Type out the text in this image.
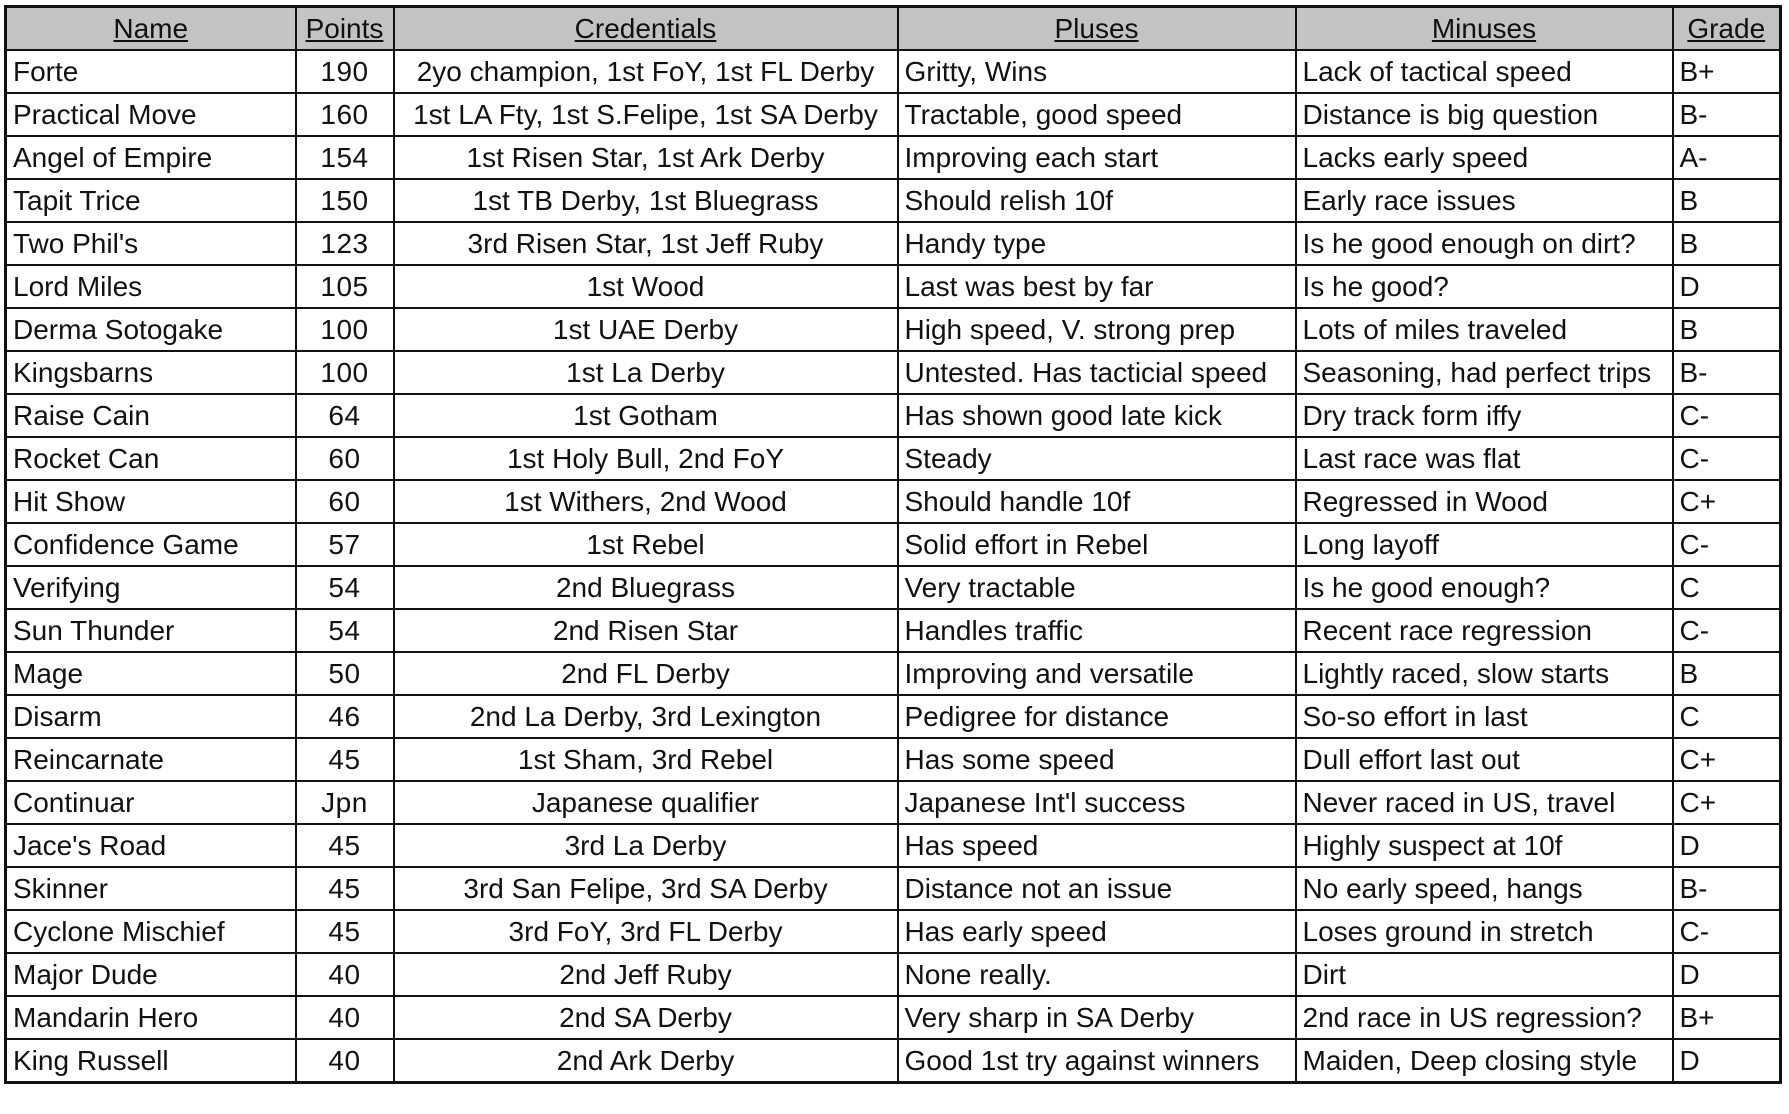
Name	Points	Credentials	Pluses	Minuses	Grade
Forte	190	2yo champion, 1st FoY, 1st FL Derby	Gritty, Wins	Lack of tactical speed	B+
Practical Move	160	1st LA Fty, 1st S.Felipe, 1st SA Derby	Tractable, good speed	Distance is big question	B-
Angel of Empire	154	1st Risen Star, 1st Ark Derby	Improving each start	Lacks early speed	A-
Tapit Trice	150	1st TB Derby, 1st Bluegrass	Should relish 10f	Early race issues	B
Two Phil's	123	3rd Risen Star, 1st Jeff Ruby	Handy type	Is he good enough on dirt?	B
Lord Miles	105	1st Wood	Last was best by far	Is he good?	D
Derma Sotogake	100	1st UAE Derby	High speed, V. strong prep	Lots of miles traveled	B
Kingsbarns	100	1st La Derby	Untested. Has tacticial speed	Seasoning, had perfect trips	B-
Raise Cain	64	1st Gotham	Has shown good late kick	Dry track form iffy	C-
Rocket Can	60	1st Holy Bull, 2nd FoY	Steady	Last race was flat	C-
Hit Show	60	1st Withers, 2nd Wood	Should handle 10f	Regressed in Wood	C+
Confidence Game	57	1st Rebel	Solid effort in Rebel	Long layoff	C-
Verifying	54	2nd Bluegrass	Very tractable	Is he good enough?	C
Sun Thunder	54	2nd Risen Star	Handles traffic	Recent race regression	C-
Mage	50	2nd FL Derby	Improving and versatile	Lightly raced, slow starts	B
Disarm	46	2nd La Derby, 3rd Lexington	Pedigree for distance	So-so effort in last	C
Reincarnate	45	1st Sham, 3rd Rebel	Has some speed	Dull effort last out	C+
Continuar	Jpn	Japanese qualifier	Japanese Int'l success	Never raced in US, travel	C+
Jace's Road	45	3rd La Derby	Has speed	Highly suspect at 10f	D
Skinner	45	3rd San Felipe, 3rd SA Derby	Distance not an issue	No early speed, hangs	B-
Cyclone Mischief	45	3rd FoY, 3rd FL Derby	Has early speed	Loses ground in stretch	C-
Major Dude	40	2nd Jeff Ruby	None really.	Dirt	D
Mandarin Hero	40	2nd SA Derby	Very sharp in SA Derby	2nd race in US regression?	B+
King Russell	40	2nd Ark Derby	Good 1st try against winners	Maiden, Deep closing style	D
